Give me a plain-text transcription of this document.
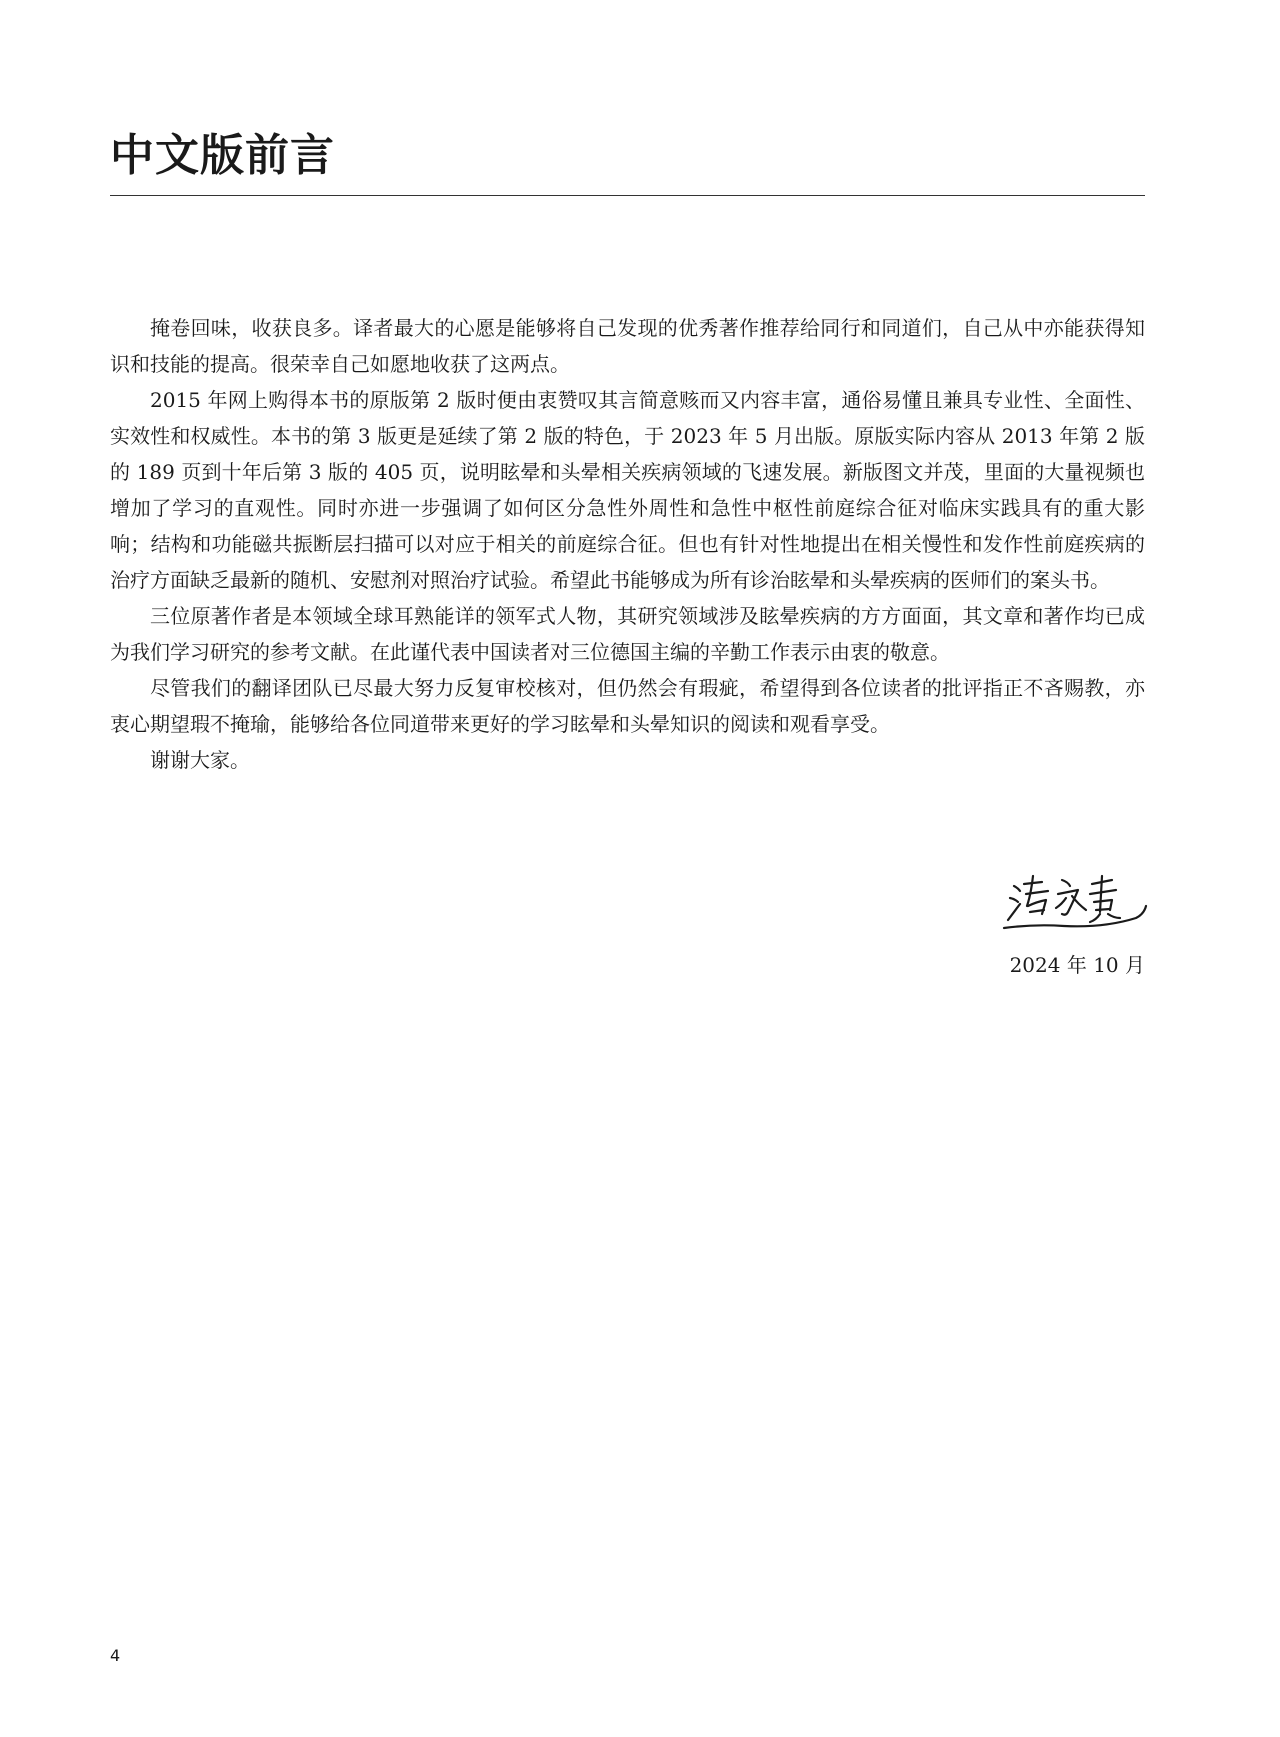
中文版前言

掩卷回味，收获良多。译者最大的心愿是能够将自己发现的优秀著作推荐给同行和同道们，自己从中亦能获得知识和技能的提高。很荣幸自己如愿地收获了这两点。

2015 年网上购得本书的原版第 2 版时便由衷赞叹其言简意赅而又内容丰富，通俗易懂且兼具专业性、全面性、实效性和权威性。本书的第 3 版更是延续了第 2 版的特色，于 2023 年 5 月出版。原版实际内容从 2013 年第 2 版的 189 页到十年后第 3 版的 405 页，说明眩晕和头晕相关疾病领域的飞速发展。新版图文并茂，里面的大量视频也增加了学习的直观性。同时亦进一步强调了如何区分急性外周性和急性中枢性前庭综合征对临床实践具有的重大影响；结构和功能磁共振断层扫描可以对应于相关的前庭综合征。但也有针对性地提出在相关慢性和发作性前庭疾病的治疗方面缺乏最新的随机、安慰剂对照治疗试验。希望此书能够成为所有诊治眩晕和头晕疾病的医师们的案头书。

三位原著作者是本领域全球耳熟能详的领军式人物，其研究领域涉及眩晕疾病的方方面面，其文章和著作均已成为我们学习研究的参考文献。在此谨代表中国读者对三位德国主编的辛勤工作表示由衷的敬意。

尽管我们的翻译团队已尽最大努力反复审校核对，但仍然会有瑕疵，希望得到各位读者的批评指正不吝赐教，亦衷心期望瑕不掩瑜，能够给各位同道带来更好的学习眩晕和头晕知识的阅读和观看享受。

谢谢大家。

2024 年 10 月
4
